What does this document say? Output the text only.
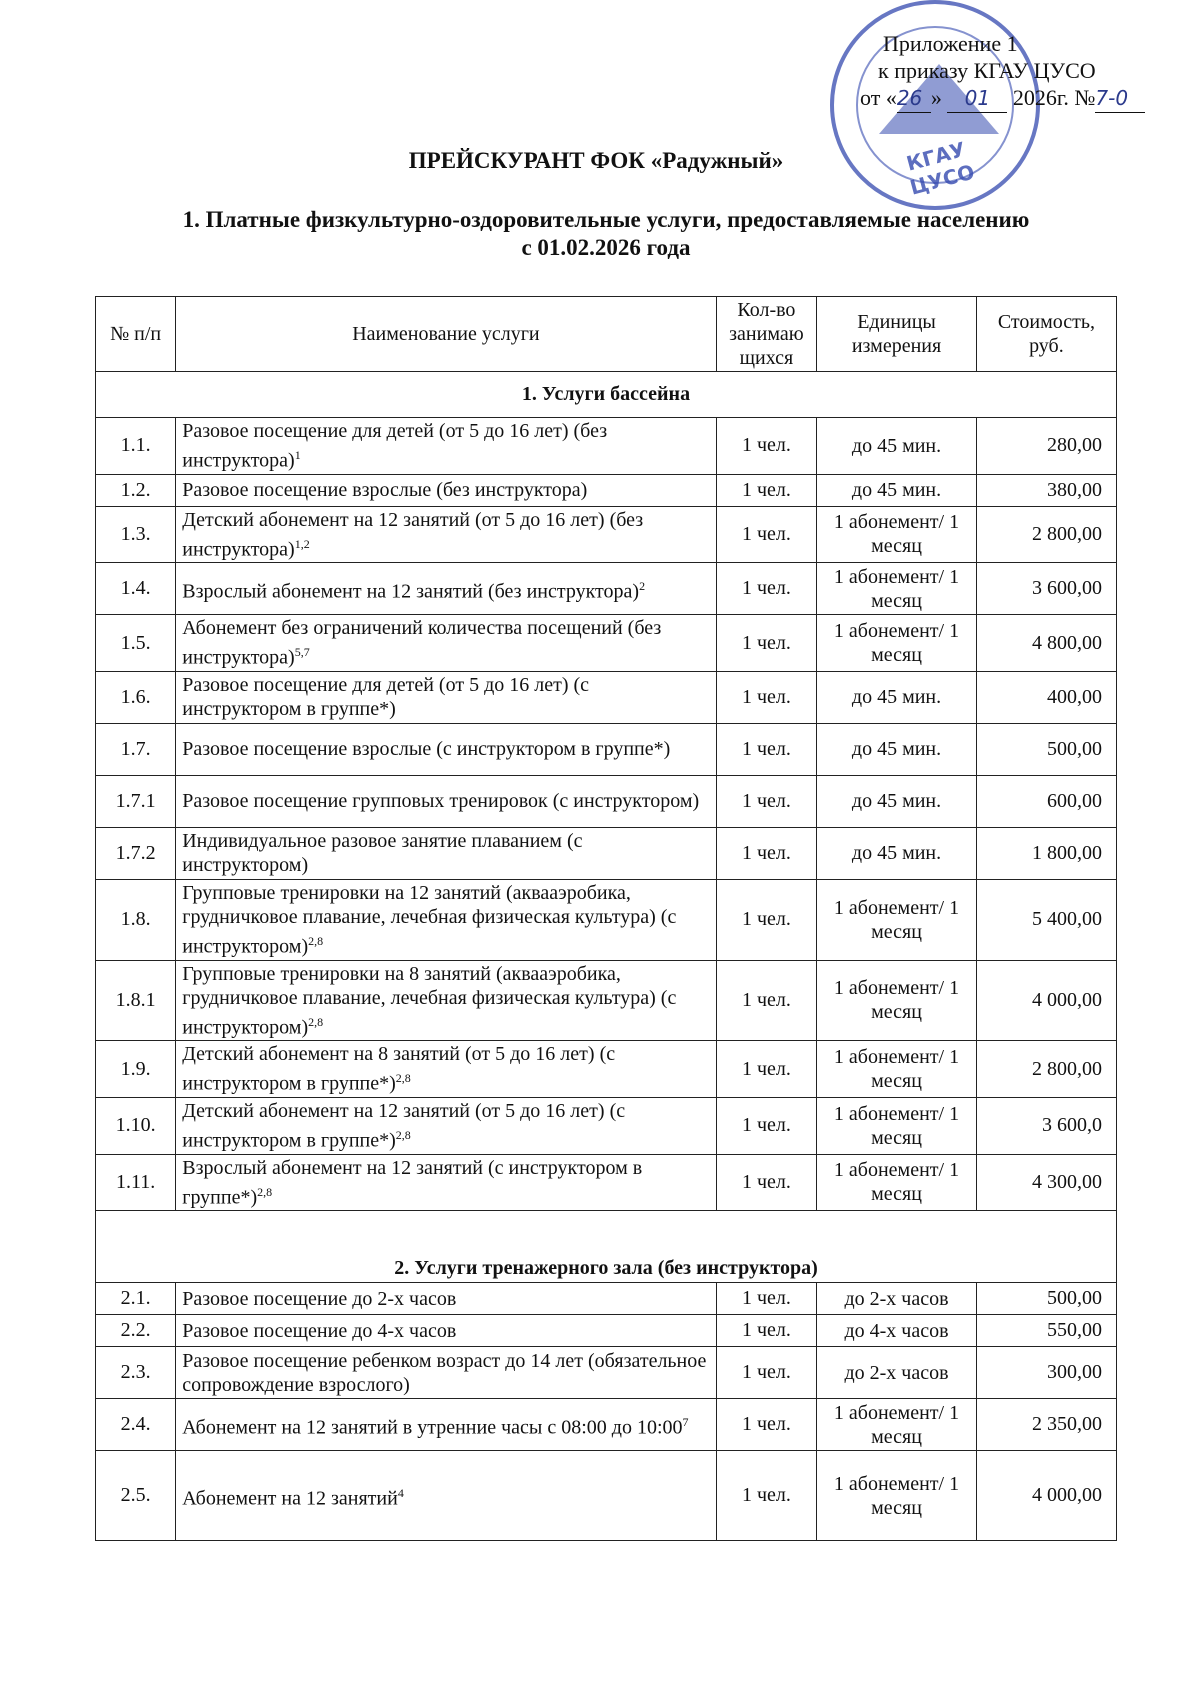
КГАУ ЦУСО
Приложение 1
к приказу КГАУ ЦУСО
от «26 » 01 2026г. №7-0
ПРЕЙСКУРАНТ ФОК «Радужный»
1. Платные физкультурно-оздоровительные услуги, предоставляемые населению
с 01.02.2026 года
№ п/п	Наименование услуги	Кол-во занимаю щихся	Единицы измерения	Стоимость, руб.
1. Услуги бассейна				
1.1.	Разовое посещение для детей (от 5 до 16 лет) (без инструктора)$^1$	1 чел.	до 45 мин.	280,00
1.2.	Разовое посещение взрослые (без инструктора)	1 чел.	до 45 мин.	380,00
1.3.	Детский абонемент на 12 занятий (от 5 до 16 лет) (без инструктора)$^{1,2}$	1 чел.	1 абонемент/ 1 месяц	2 800,00
1.4.	Взрослый абонемент на 12 занятий (без инструктора)$^2$	1 чел.	1 абонемент/ 1 месяц	3 600,00
1.5.	Абонемент без ограничений количества посещений (без инструктора)$^{5,7}$	1 чел.	1 абонемент/ 1 месяц	4 800,00
1.6.	Разовое посещение для детей (от 5 до 16 лет) (с инструктором в группе*)	1 чел.	до 45 мин.	400,00
1.7.	Разовое посещение взрослые (с инструктором в группе*)	1 чел.	до 45 мин.	500,00
1.7.1	Разовое посещение групповых тренировок (с инструктором)	1 чел.	до 45 мин.	600,00
1.7.2	Индивидуальное разовое занятие плаванием (с инструктором)	1 чел.	до 45 мин.	1 800,00
1.8.	Групповые тренировки на 12 занятий (аквааэробика, грудничковое плавание, лечебная физическая культура) (с инструктором)$^{2,8}$	1 чел.	1 абонемент/ 1 месяц	5 400,00
1.8.1	Групповые тренировки на 8 занятий (аквааэробика, грудничковое плавание, лечебная физическая культура) (с инструктором)$^{2,8}$	1 чел.	1 абонемент/ 1 месяц	4 000,00
1.9.	Детский абонемент на 8 занятий (от 5 до 16 лет) (с инструктором в группе*)$^{2,8}$	1 чел.	1 абонемент/ 1 месяц	2 800,00
1.10.	Детский абонемент на 12 занятий (от 5 до 16 лет) (с инструктором в группе*)$^{2,8}$	1 чел.	1 абонемент/ 1 месяц	3 600,0
1.11.	Взрослый абонемент на 12 занятий (с инструктором в группе*)$^{2,8}$	1 чел.	1 абонемент/ 1 месяц	4 300,00
2. Услуги тренажерного зала (без инструктора)				
2.1.	Разовое посещение до 2-х часов	1 чел.	до 2-х часов	500,00
2.2.	Разовое посещение до 4-х часов	1 чел.	до 4-х часов	550,00
2.3.	Разовое посещение ребенком возраст до 14 лет (обязательное сопровождение взрослого)	1 чел.	до 2-х часов	300,00
2.4.	Абонемент на 12 занятий в утренние часы с 08:00 до $10:00^7$	1 чел.	1 абонемент/ 1 месяц	2 350,00
2.5.	Абонемент на 12 занятий$^4$	1 чел.	1 абонемент/ 1 месяц	4 000,00
